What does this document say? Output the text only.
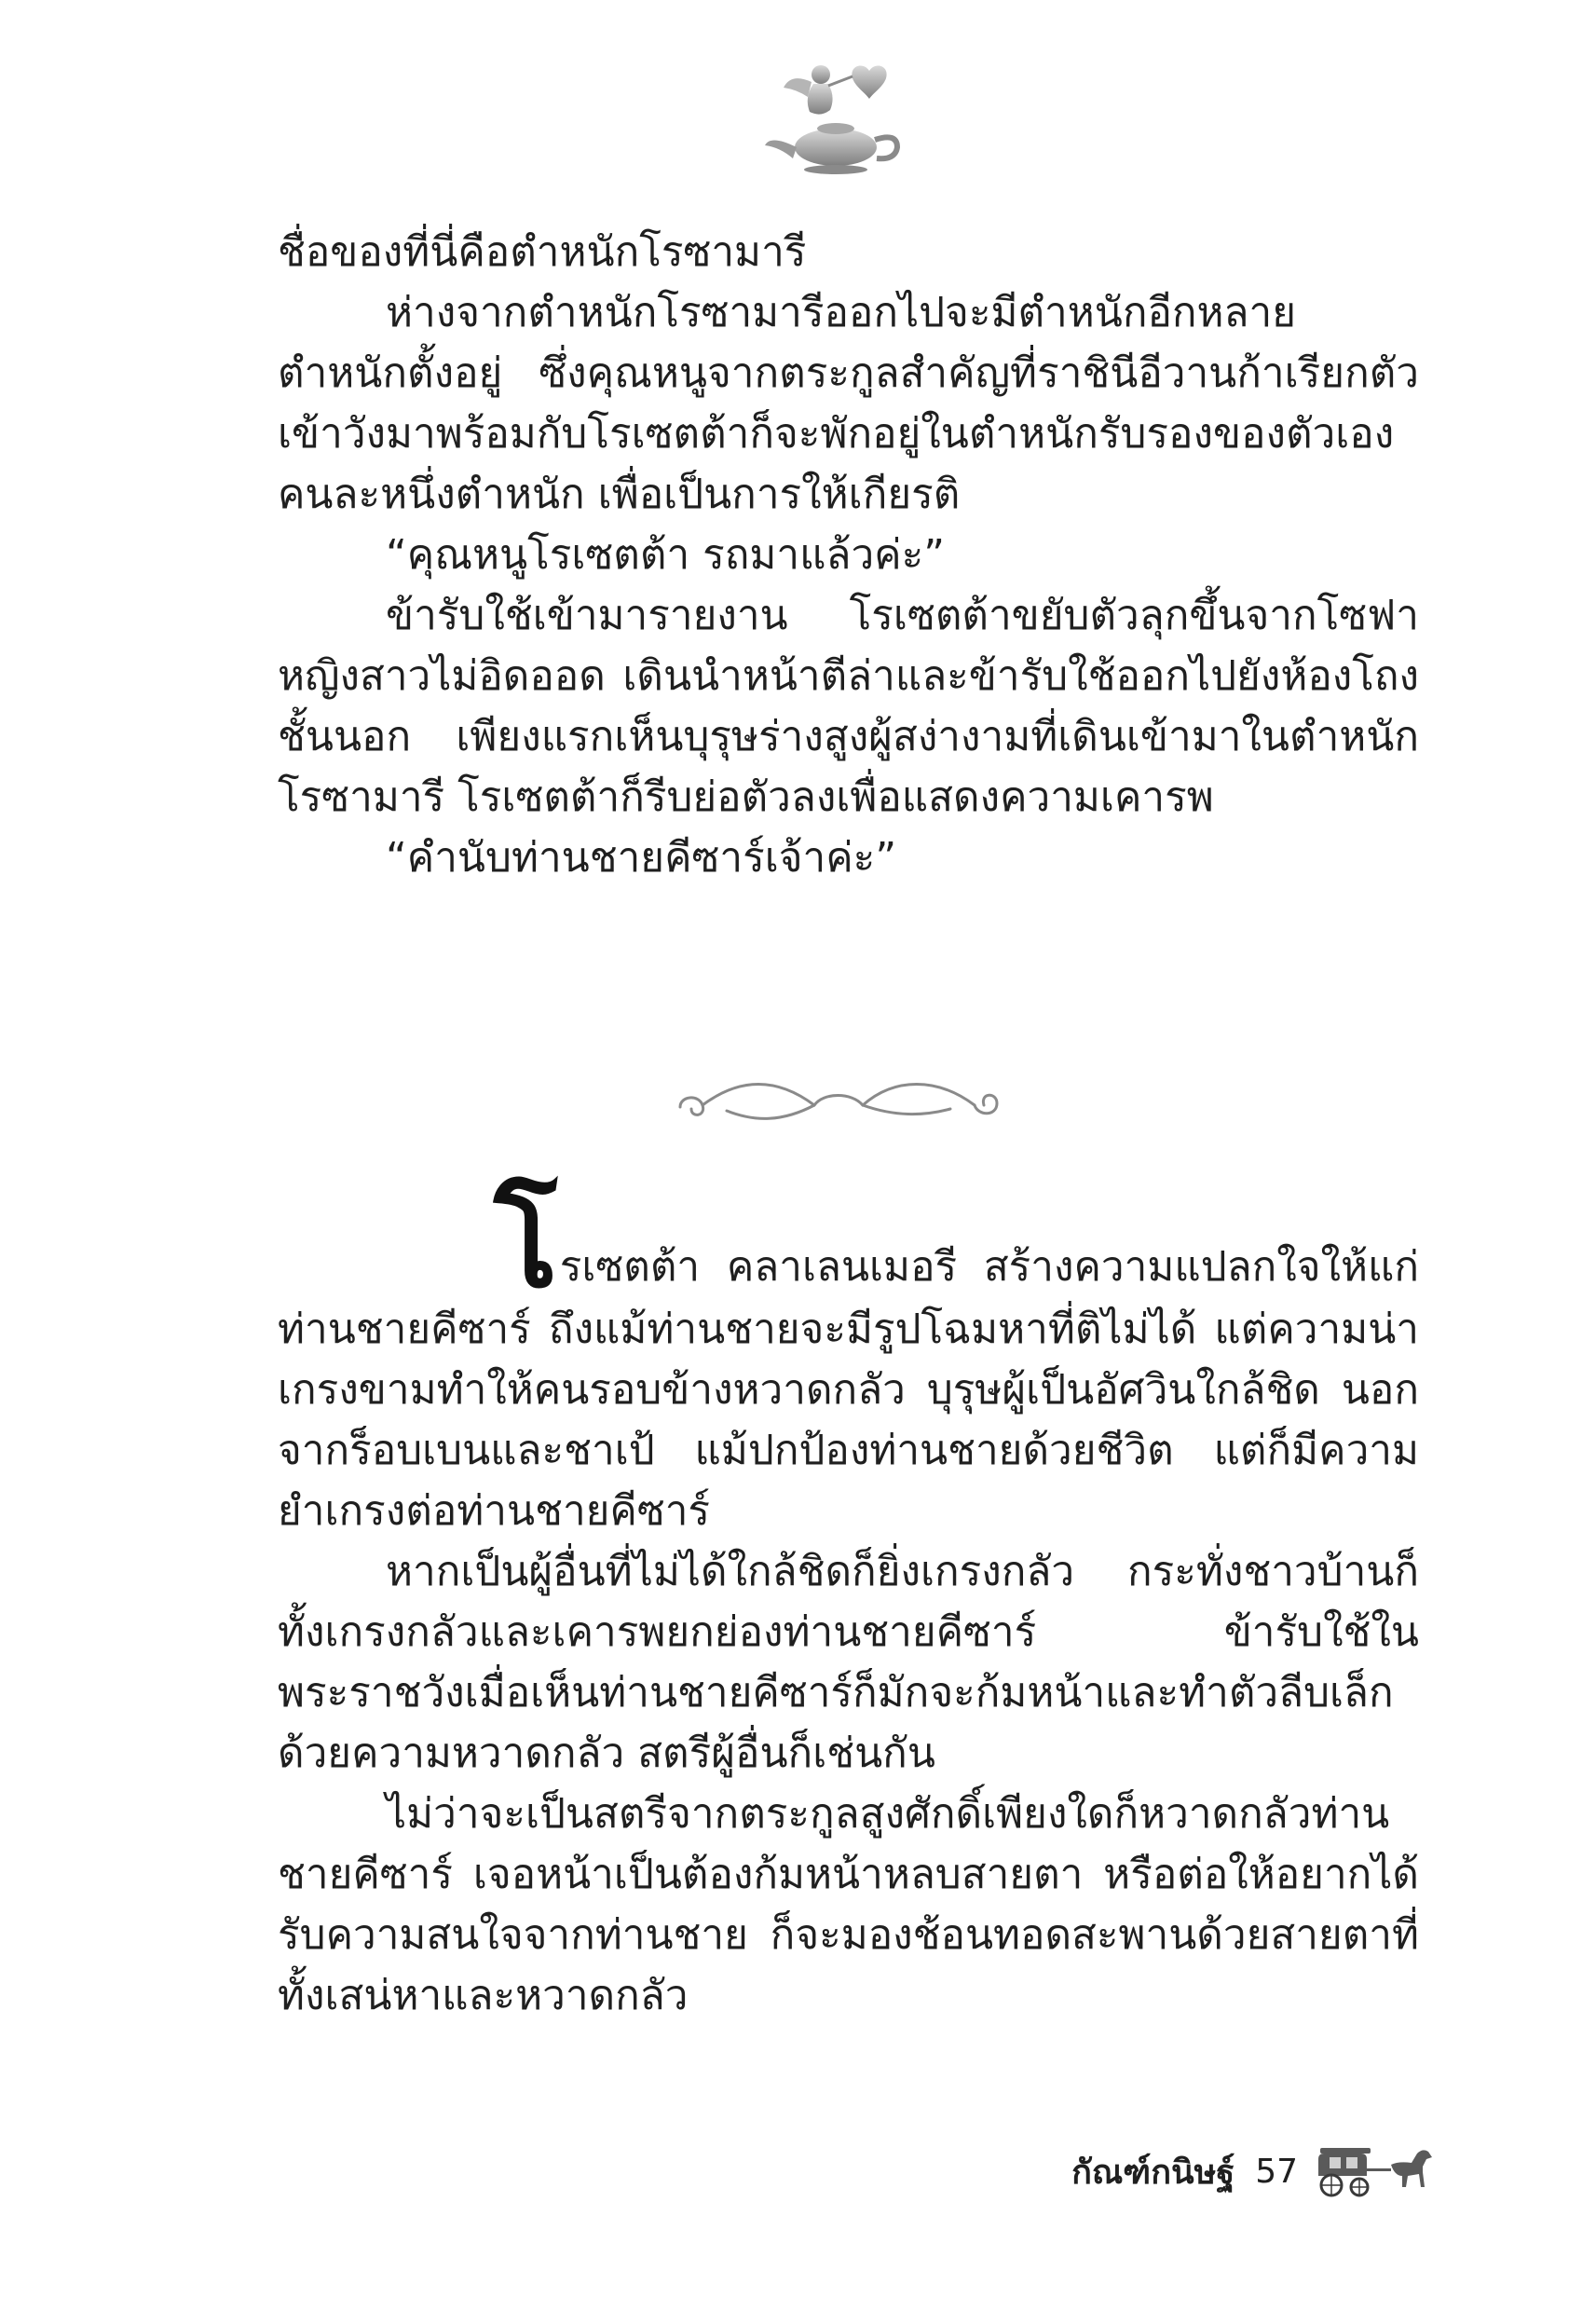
ชื่อของที่นี่คือตำหนักโรซามารี

ห่างจากตำหนักโรซามารีออกไปจะมีตำหนักอีกหลายตำหนักตั้งอยู่ ซึ่งคุณหนูจากตระกูลสำคัญที่ราชินีอีวานก้าเรียกตัวเข้าวังมาพร้อมกับโรเซตต้าก็จะพักอยู่ในตำหนักรับรองของตัวเองคนละหนึ่งตำหนัก เพื่อเป็นการให้เกียรติ

“คุณหนูโรเซตต้า รถมาแล้วค่ะ”

ข้ารับใช้เข้ามารายงาน โรเซตต้าขยับตัวลุกขึ้นจากโซฟา หญิงสาวไม่อิดออด เดินนำหน้าตีล่าและข้ารับใช้ออกไปยังห้องโถงชั้นนอก เพียงแรกเห็นบุรุษร่างสูงผู้สง่างามที่เดินเข้ามาในตำหนักโรซามารี โรเซตต้าก็รีบย่อตัวลงเพื่อแสดงความเคารพ

“คำนับท่านชายคีซาร์เจ้าค่ะ”

โรเซตต้า คลาเลนเมอรี สร้างความแปลกใจให้แก่ท่านชายคีซาร์ ถึงแม้ท่านชายจะมีรูปโฉมหาที่ติไม่ได้ แต่ความน่าเกรงขามทำให้คนรอบข้างหวาดกลัว บุรุษผู้เป็นอัศวินใกล้ชิด นอกจากร็อบเบนและชาเป้ แม้ปกป้องท่านชายด้วยชีวิต แต่ก็มีความยำเกรงต่อท่านชายคีซาร์

หากเป็นผู้อื่นที่ไม่ได้ใกล้ชิดก็ยิ่งเกรงกลัว กระทั่งชาวบ้านก็ทั้งเกรงกลัวและเคารพยกย่องท่านชายคีซาร์ ข้ารับใช้ในพระราชวังเมื่อเห็นท่านชายคีซาร์ก็มักจะก้มหน้าและทำตัวลีบเล็กด้วยความหวาดกลัว สตรีผู้อื่นก็เช่นกัน

ไม่ว่าจะเป็นสตรีจากตระกูลสูงศักดิ์เพียงใดก็หวาดกลัวท่านชายคีซาร์ เจอหน้าเป็นต้องก้มหน้าหลบสายตา หรือต่อให้อยากได้รับความสนใจจากท่านชาย ก็จะมองช้อนทอดสะพานด้วยสายตาที่ทั้งเสน่หาและหวาดกลัว

กัณฑ์กนิษฐ์ 57
